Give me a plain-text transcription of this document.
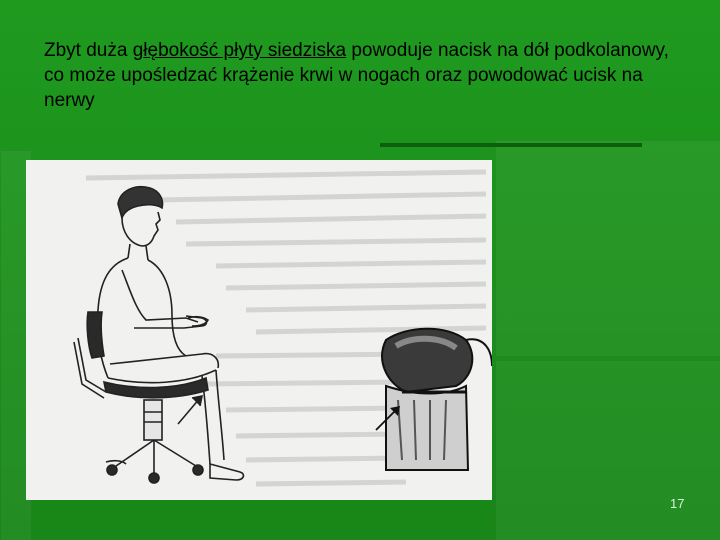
Zbyt duża głębokość płyty siedziska powoduje nacisk na dół podkolanowy, co może upośledzać krążenie krwi w nogach oraz powodować ucisk na nerwy

17
